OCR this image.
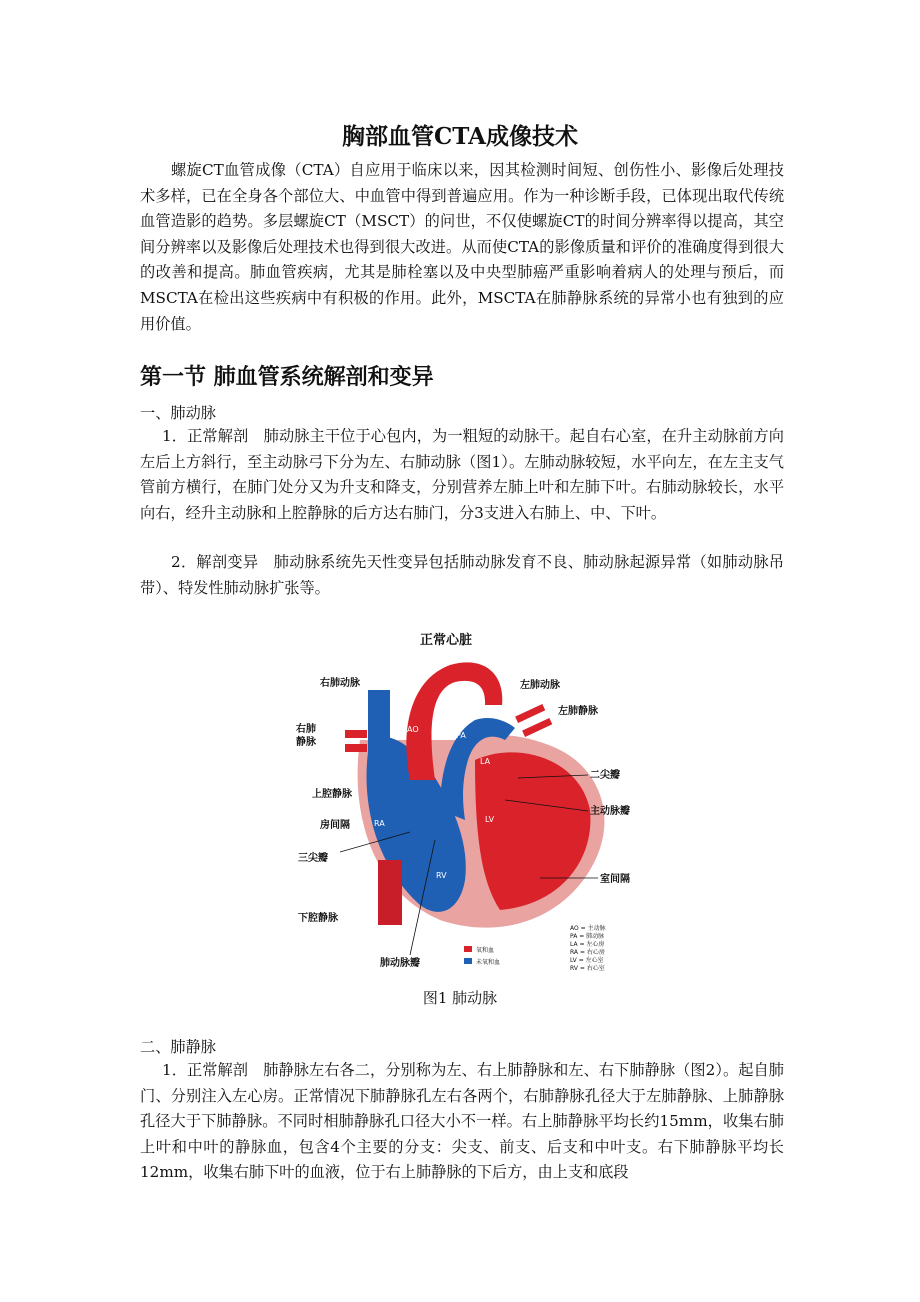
胸部血管CTA成像技术

螺旋CT血管成像（CTA）自应用于临床以来，因其检测时间短、创伤性小、影像后处理技术多样，已在全身各个部位大、中血管中得到普遍应用。作为一种诊断手段，已体现出取代传统血管造影的趋势。多层螺旋CT（MSCT）的问世，不仅使螺旋CT的时间分辨率得以提高，其空间分辨率以及影像后处理技术也得到很大改进。从而使CTA的影像质量和评价的准确度得到很大的改善和提高。肺血管疾病，尤其是肺栓塞以及中央型肺癌严重影响着病人的处理与预后，而MSCTA在检出这些疾病中有积极的作用。此外，MSCTA在肺静脉系统的异常小也有独到的应用价值。

第一节 肺血管系统解剖和变异
一、肺动脉

1．正常解剖　肺动脉主干位于心包内，为一粗短的动脉干。起自右心室，在升主动脉前方向左后上方斜行，至主动脉弓下分为左、右肺动脉（图1）。左肺动脉较短，水平向左，在左主支气管前方横行，在肺门处分又为升支和降支，分别营养左肺上叶和左肺下叶。右肺动脉较长，水平向右，经升主动脉和上腔静脉的后方达右肺门，分3支进入右肺上、中、下叶。

2．解剖变异　肺动脉系统先天性变异包括肺动脉发育不良、肺动脉起源异常（如肺动脉吊带）、特发性肺动脉扩张等。

正常心脏
AO
PA
LA
RA	LV
RV
右肺动脉	左肺动脉
左肺静脉
右肺
静脉
上腔静脉
房间隔
三尖瓣
下腔静脉
肺动脉瓣
二尖瓣
主动脉瓣
室间隔
氧和血
未氧和血
AO = 主动脉
PA = 肺动脉
LA = 左心房
RA = 右心房
LV = 左心室
RV = 右心室
图1 肺动脉
二、肺静脉

1．正常解剖　肺静脉左右各二，分别称为左、右上肺静脉和左、右下肺静脉（图2）。起自肺门、分别注入左心房。正常情况下肺静脉孔左右各两个，右肺静脉孔径大于左肺静脉、上肺静脉孔径大于下肺静脉。不同时相肺静脉孔口径大小不一样。右上肺静脉平均长约15mm，收集右肺上叶和中叶的静脉血，包含4个主要的分支：尖支、前支、后支和中叶支。右下肺静脉平均长12mm，收集右肺下叶的血液，位于右上肺静脉的下后方，由上支和底段
